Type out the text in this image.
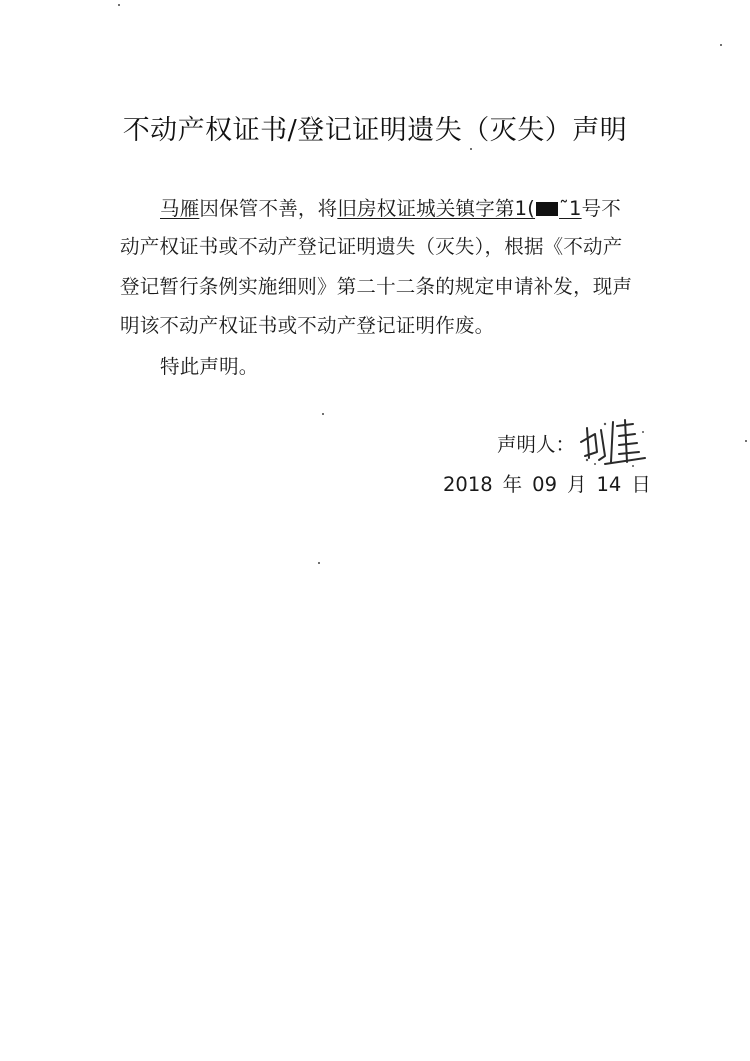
不动产权证书/登记证明遗失（灭失）声明
马雁因保管不善，将旧房权证城关镇字第1( ˜1号不
动产权证书或不动产登记证明遗失（灭失），根据《不动产
登记暂行条例实施细则》第二十二条的规定申请补发，现声
明该不动产权证书或不动产登记证明作废。
特此声明。
声明人：
2018 年 09 月 14 日
